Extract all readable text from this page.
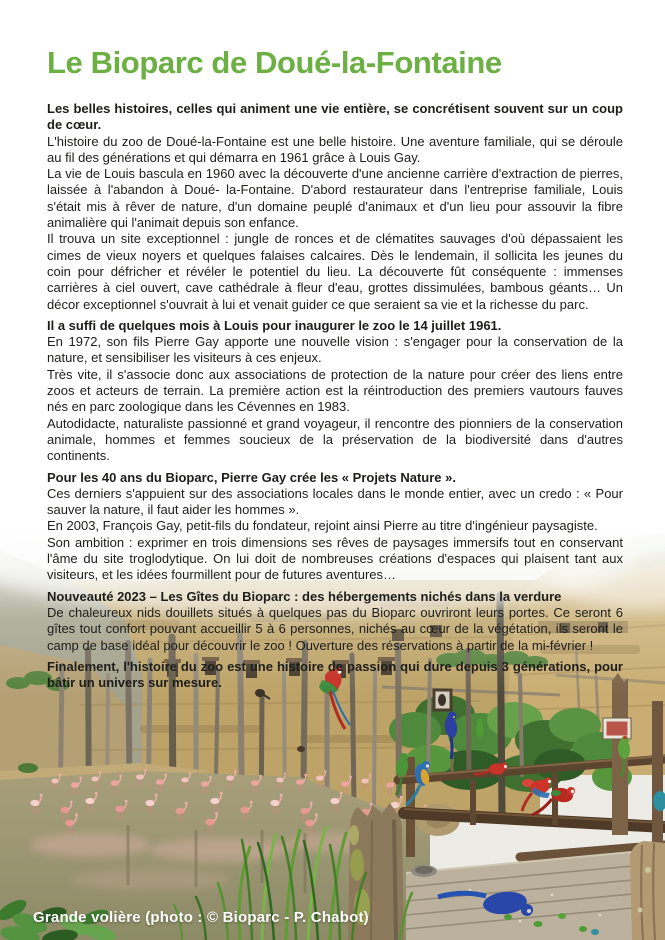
Le Bioparc de Doué-la-Fontaine

Les belles histoires, celles qui animent une vie entière, se concrétisent souvent sur un coup de cœur.

L'histoire du zoo de Doué-la-Fontaine est une belle histoire. Une aventure familiale, qui se déroule au fil des générations et qui démarra en 1961 grâce à Louis Gay.

La vie de Louis bascula en 1960 avec la découverte d'une ancienne carrière d'extraction de pierres, laissée à l'abandon à Doué- la-Fontaine. D'abord restaurateur dans l'entreprise familiale, Louis s'était mis à rêver de nature, d'un domaine peuplé d'animaux et d'un lieu pour assouvir la fibre animalière qui l'animait depuis son enfance.

Il trouva un site exceptionnel : jungle de ronces et de clématites sauvages d'où dépassaient les cimes de vieux noyers et quelques falaises calcaires. Dès le lendemain, il sollicita les jeunes du coin pour défricher et révéler le potentiel du lieu. La découverte fût conséquente : immenses carrières à ciel ouvert, cave cathédrale à fleur d'eau, grottes dissimulées, bambous géants… Un décor exceptionnel s'ouvrait à lui et venait guider ce que seraient sa vie et la richesse du parc.

Il a suffi de quelques mois à Louis pour inaugurer le zoo le 14 juillet 1961.

En 1972, son fils Pierre Gay apporte une nouvelle vision : s'engager pour la conservation de la nature, et sensibiliser les visiteurs à ces enjeux.

Très vite, il s'associe donc aux associations de protection de la nature pour créer des liens entre zoos et acteurs de terrain. La première action est la réintroduction des premiers vautours fauves nés en parc zoologique dans les Cévennes en 1983.

Autodidacte, naturaliste passionné et grand voyageur, il rencontre des pionniers de la conservation animale, hommes et femmes soucieux de la préservation de la biodiversité dans d'autres continents.

Pour les 40 ans du Bioparc, Pierre Gay crée les « Projets Nature ».

Ces derniers s'appuient sur des associations locales dans le monde entier, avec un credo : « Pour sauver la nature, il faut aider les hommes ».

En 2003, François Gay, petit-fils du fondateur, rejoint ainsi Pierre au titre d'ingénieur paysagiste.

Son ambition : exprimer en trois dimensions ses rêves de paysages immersifs tout en conservant l'âme du site troglodytique. On lui doit de nombreuses créations d'espaces qui plaisent tant aux visiteurs, et les idées fourmillent pour de futures aventures…

Nouveauté 2023 – Les Gîtes du Bioparc : des hébergements nichés dans la verdure

De chaleureux nids douillets situés à quelques pas du Bioparc ouvriront leurs portes. Ce seront 6 gîtes tout confort pouvant accueillir 5 à 6 personnes, nichés au cœur de la végétation, ils seront le camp de base idéal pour découvrir le zoo ! Ouverture des réservations à partir de la mi-février !

Finalement, l'histoire du zoo est une histoire de passion qui dure depuis 3 générations, pour bâtir un univers sur mesure.

Grande volière (photo : © Bioparc - P. Chabot)
